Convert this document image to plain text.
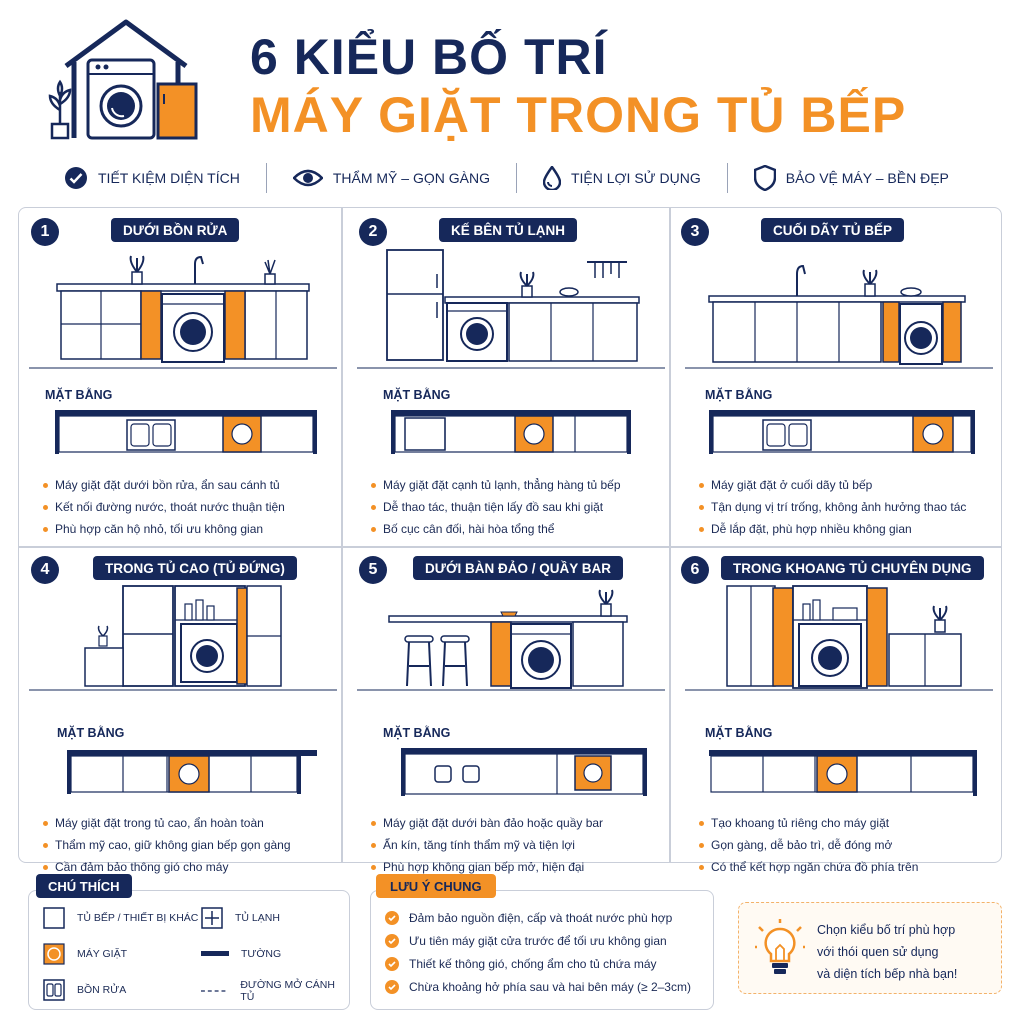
6 KIỂU BỐ TRÍ
MÁY GIẶT TRONG TỦ BẾP
TIẾT KIỆM DIỆN TÍCH	THẨM MỸ – GỌN GÀNG	TIỆN LỢI SỬ DỤNG	BẢO VỆ MÁY – BỀN ĐẸP
1	DƯỚI BỒN RỬA
MẶT BẰNG
Máy giặt đặt dưới bồn rửa, ẩn sau cánh tủ
Kết nối đường nước, thoát nước thuận tiện
Phù hợp căn hộ nhỏ, tối ưu không gian
2	KẾ BÊN TỦ LẠNH
MẶT BẰNG
Máy giặt đặt cạnh tủ lạnh, thẳng hàng tủ bếp
Dễ thao tác, thuận tiện lấy đồ sau khi giặt
Bố cục cân đối, hài hòa tổng thể
3	CUỐI DÃY TỦ BẾP
MẶT BẰNG
Máy giặt đặt ở cuối dãy tủ bếp
Tận dụng vị trí trống, không ảnh hưởng thao tác
Dễ lắp đặt, phù hợp nhiều không gian
4	TRONG TỦ CAO (TỦ ĐỨNG)
MẶT BẰNG
Máy giặt đặt trong tủ cao, ẩn hoàn toàn
Thẩm mỹ cao, giữ không gian bếp gọn gàng
Cần đảm bảo thông gió cho máy
5	DƯỚI BÀN ĐẢO / QUẦY BAR
MẶT BẰNG
Máy giặt đặt dưới bàn đảo hoặc quầy bar
Ẩn kín, tăng tính thẩm mỹ và tiện lợi
Phù hợp không gian bếp mở, hiện đại
6	TRONG KHOANG TỦ CHUYÊN DỤNG
MẶT BẰNG
Tạo khoang tủ riêng cho máy giặt
Gọn gàng, dễ bảo trì, dễ đóng mở
Có thể kết hợp ngăn chứa đồ phía trên
TỦ BẾP / THIẾT BỊ KHÁC
MÁY GIẶT
BỒN RỬA
TỦ LẠNH
TƯỜNG
ĐƯỜNG MỞ CÁNH TỦ
CHÚ THÍCH
Đảm bảo nguồn điện, cấp và thoát nước phù hợp
Ưu tiên máy giặt cửa trước để tối ưu không gian
Thiết kế thông gió, chống ẩm cho tủ chứa máy
Chừa khoảng hở phía sau và hai bên máy (≥ 2–3cm)
LƯU Ý CHUNG
Chọn kiểu bố trí phù hợp
với thói quen sử dụng
và diện tích bếp nhà bạn!
